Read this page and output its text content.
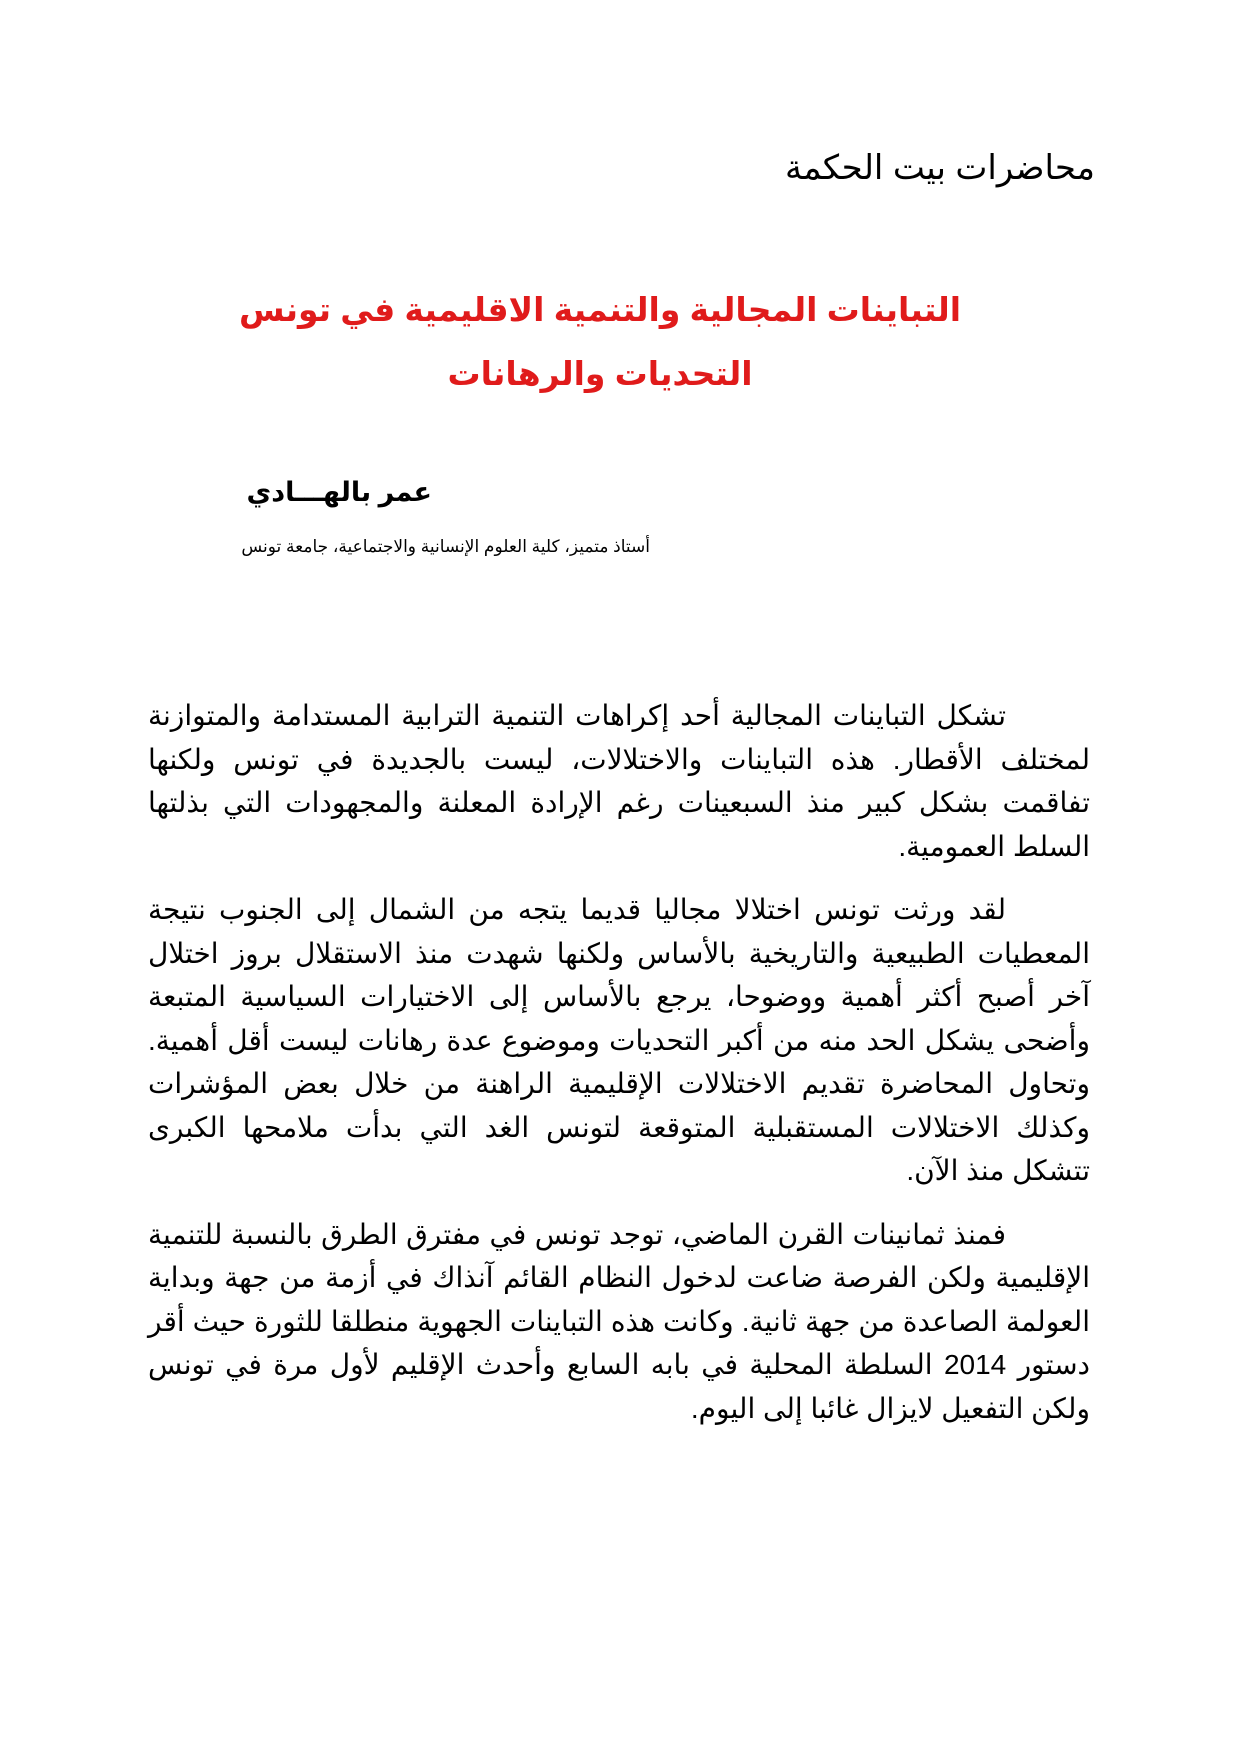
محاضرات بيت الحكمة
التباينات المجالية والتنمية الاقليمية في تونس
التحديات والرهانات
عمر بالهـــادي
أستاذ متميز، كلية العلوم الإنسانية والاجتماعية، جامعة تونس

تشكل التباينات المجالية أحد إكراهات التنمية الترابية المستدامة والمتوازنة لمختلف الأقطار. هذه التباينات والاختلالات، ليست بالجديدة في تونس ولكنها تفاقمت بشكل كبير منذ السبعينات رغم الإرادة المعلنة والمجهودات التي بذلتها السلط العمومية.

لقد ورثت تونس اختلالا مجاليا قديما يتجه من الشمال إلى الجنوب نتيجة المعطيات الطبيعية والتاريخية بالأساس ولكنها شهدت منذ الاستقلال بروز اختلال آخر أصبح أكثر أهمية ووضوحا، يرجع بالأساس إلى الاختيارات السياسية المتبعة وأضحى يشكل الحد منه من أكبر التحديات وموضوع عدة رهانات ليست أقل أهمية. وتحاول المحاضرة تقديم الاختلالات الإقليمية الراهنة من خلال بعض المؤشرات وكذلك الاختلالات المستقبلية المتوقعة لتونس الغد التي بدأت ملامحها الكبرى تتشكل منذ الآن.

فمنذ ثمانينات القرن الماضي، توجد تونس في مفترق الطرق بالنسبة للتنمية الإقليمية ولكن الفرصة ضاعت لدخول النظام القائم آنذاك في أزمة من جهة وبداية العولمة الصاعدة من جهة ثانية. وكانت هذه التباينات الجهوية منطلقا للثورة حيث أقر دستور 2014 السلطة المحلية في بابه السابع وأحدث الإقليم لأول مرة في تونس ولكن التفعيل لايزال غائبا إلى اليوم.
